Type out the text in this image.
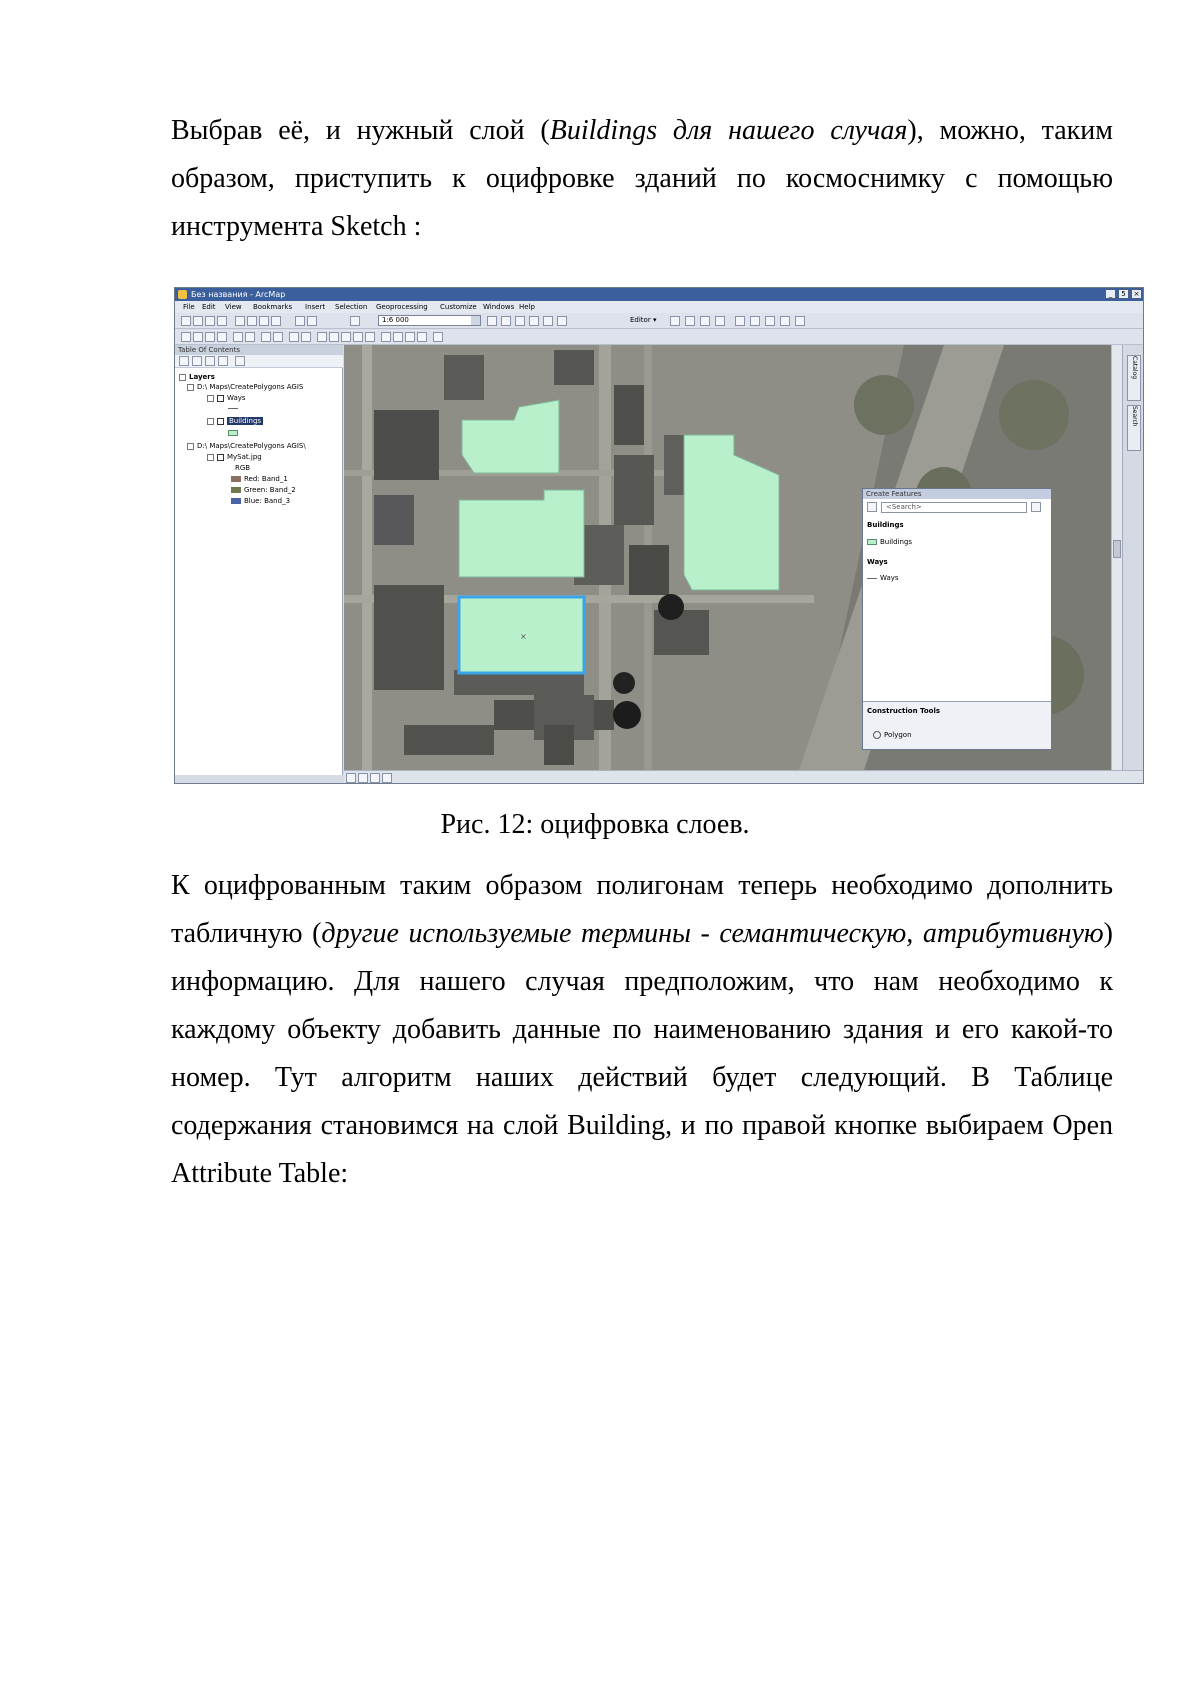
Выбрав её, и нужный слой (Buildings для нашего случая), можно, таким образом, приступить к оцифровке зданий по космоснимку с помощью инструмента Sketch :

Без названия - ArcMap	_	5	×
File Edit View Bookmarks Insert Selection Geoprocessing Customize Windows Help
1:6 000	Editor ▾
Table Of Contents
Layers
D:\ Maps\CreatePolygons AGIS
Ways
Buildings
D:\ Maps\CreatePolygons AGIS\
MySat.jpg
RGB
Red: Band_1
Green: Band_2
Blue: Band_3
×
Create Features
<Search>
Buildings
Buildings
Ways
Ways
Construction Tools
Polygon
Catalog
Search
Рис. 12: оцифровка слоев.

К оцифрованным таким образом полигонам теперь необходимо дополнить табличную (другие используемые термины - семантическую, атрибутивную) информацию. Для нашего случая предположим, что нам необходимо к каждому объекту добавить данные по наименованию здания и его какой-то номер. Тут алгоритм наших действий будет следующий. В Таблице содержания становимся на слой Building, и по правой кнопке выбираем Open Attribute Table:
